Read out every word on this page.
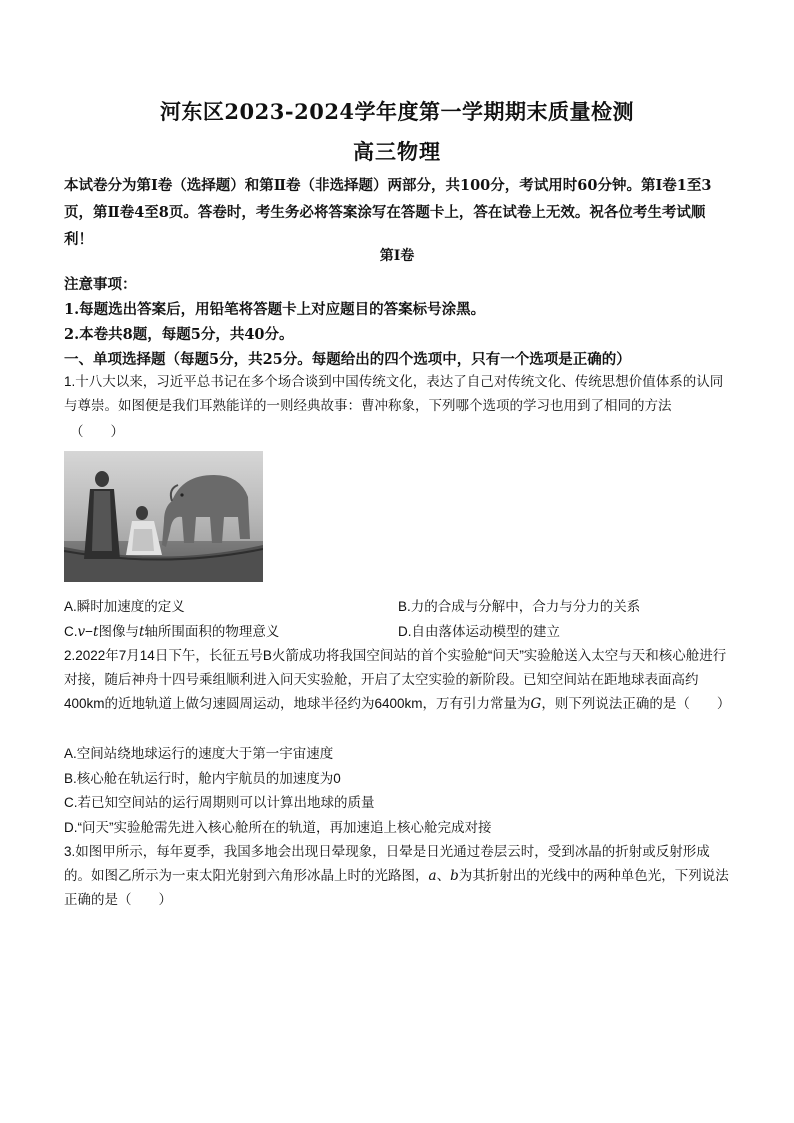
河东区2023-2024学年度第一学期期末质量检测
高三物理
本试卷分为第Ⅰ卷（选择题）和第Ⅱ卷（非选择题）两部分，共100分，考试用时60分钟。第Ⅰ卷1至3页，第Ⅱ卷4至8页。答卷时，考生务必将答案涂写在答题卡上，答在试卷上无效。祝各位考生考试顺利！
第Ⅰ卷
注意事项：
1.每题选出答案后，用铅笔将答题卡上对应题目的答案标号涂黑。
2.本卷共8题，每题5分，共40分。
一、单项选择题（每题5分，共25分。每题给出的四个选项中，只有一个选项是正确的）
1.十八大以来，习近平总书记在多个场合谈到中国传统文化，表达了自己对传统文化、传统思想价值体系的认同与尊崇。如图便是我们耳熟能详的一则经典故事：曹冲称象，下列哪个选项的学习也用到了相同的方法
（　　）
A.瞬时加速度的定义	B.力的合成与分解中，合力与分力的关系
C.v−t图像与t轴所围面积的物理意义	D.自由落体运动模型的建立
2.2022年7月14日下午，长征五号B火箭成功将我国空间站的首个实验舱“问天”实验舱送入太空与天和核心舱进行对接，随后神舟十四号乘组顺利进入问天实验舱，开启了太空实验的新阶段。已知空间站在距地球表面高约400km的近地轨道上做匀速圆周运动，地球半径约为6400km，万有引力常量为G，则下列说法正确的是（　　）
A.空间站绕地球运行的速度大于第一宇宙速度
B.核心舱在轨运行时，舱内宇航员的加速度为0
C.若已知空间站的运行周期则可以计算出地球的质量
D.“问天”实验舱需先进入核心舱所在的轨道，再加速追上核心舱完成对接
3.如图甲所示，每年夏季，我国多地会出现日晕现象，日晕是日光通过卷层云时，受到冰晶的折射或反射形成的。如图乙所示为一束太阳光射到六角形冰晶上时的光路图，a、b为其折射出的光线中的两种单色光，下列说法正确的是（　　）
